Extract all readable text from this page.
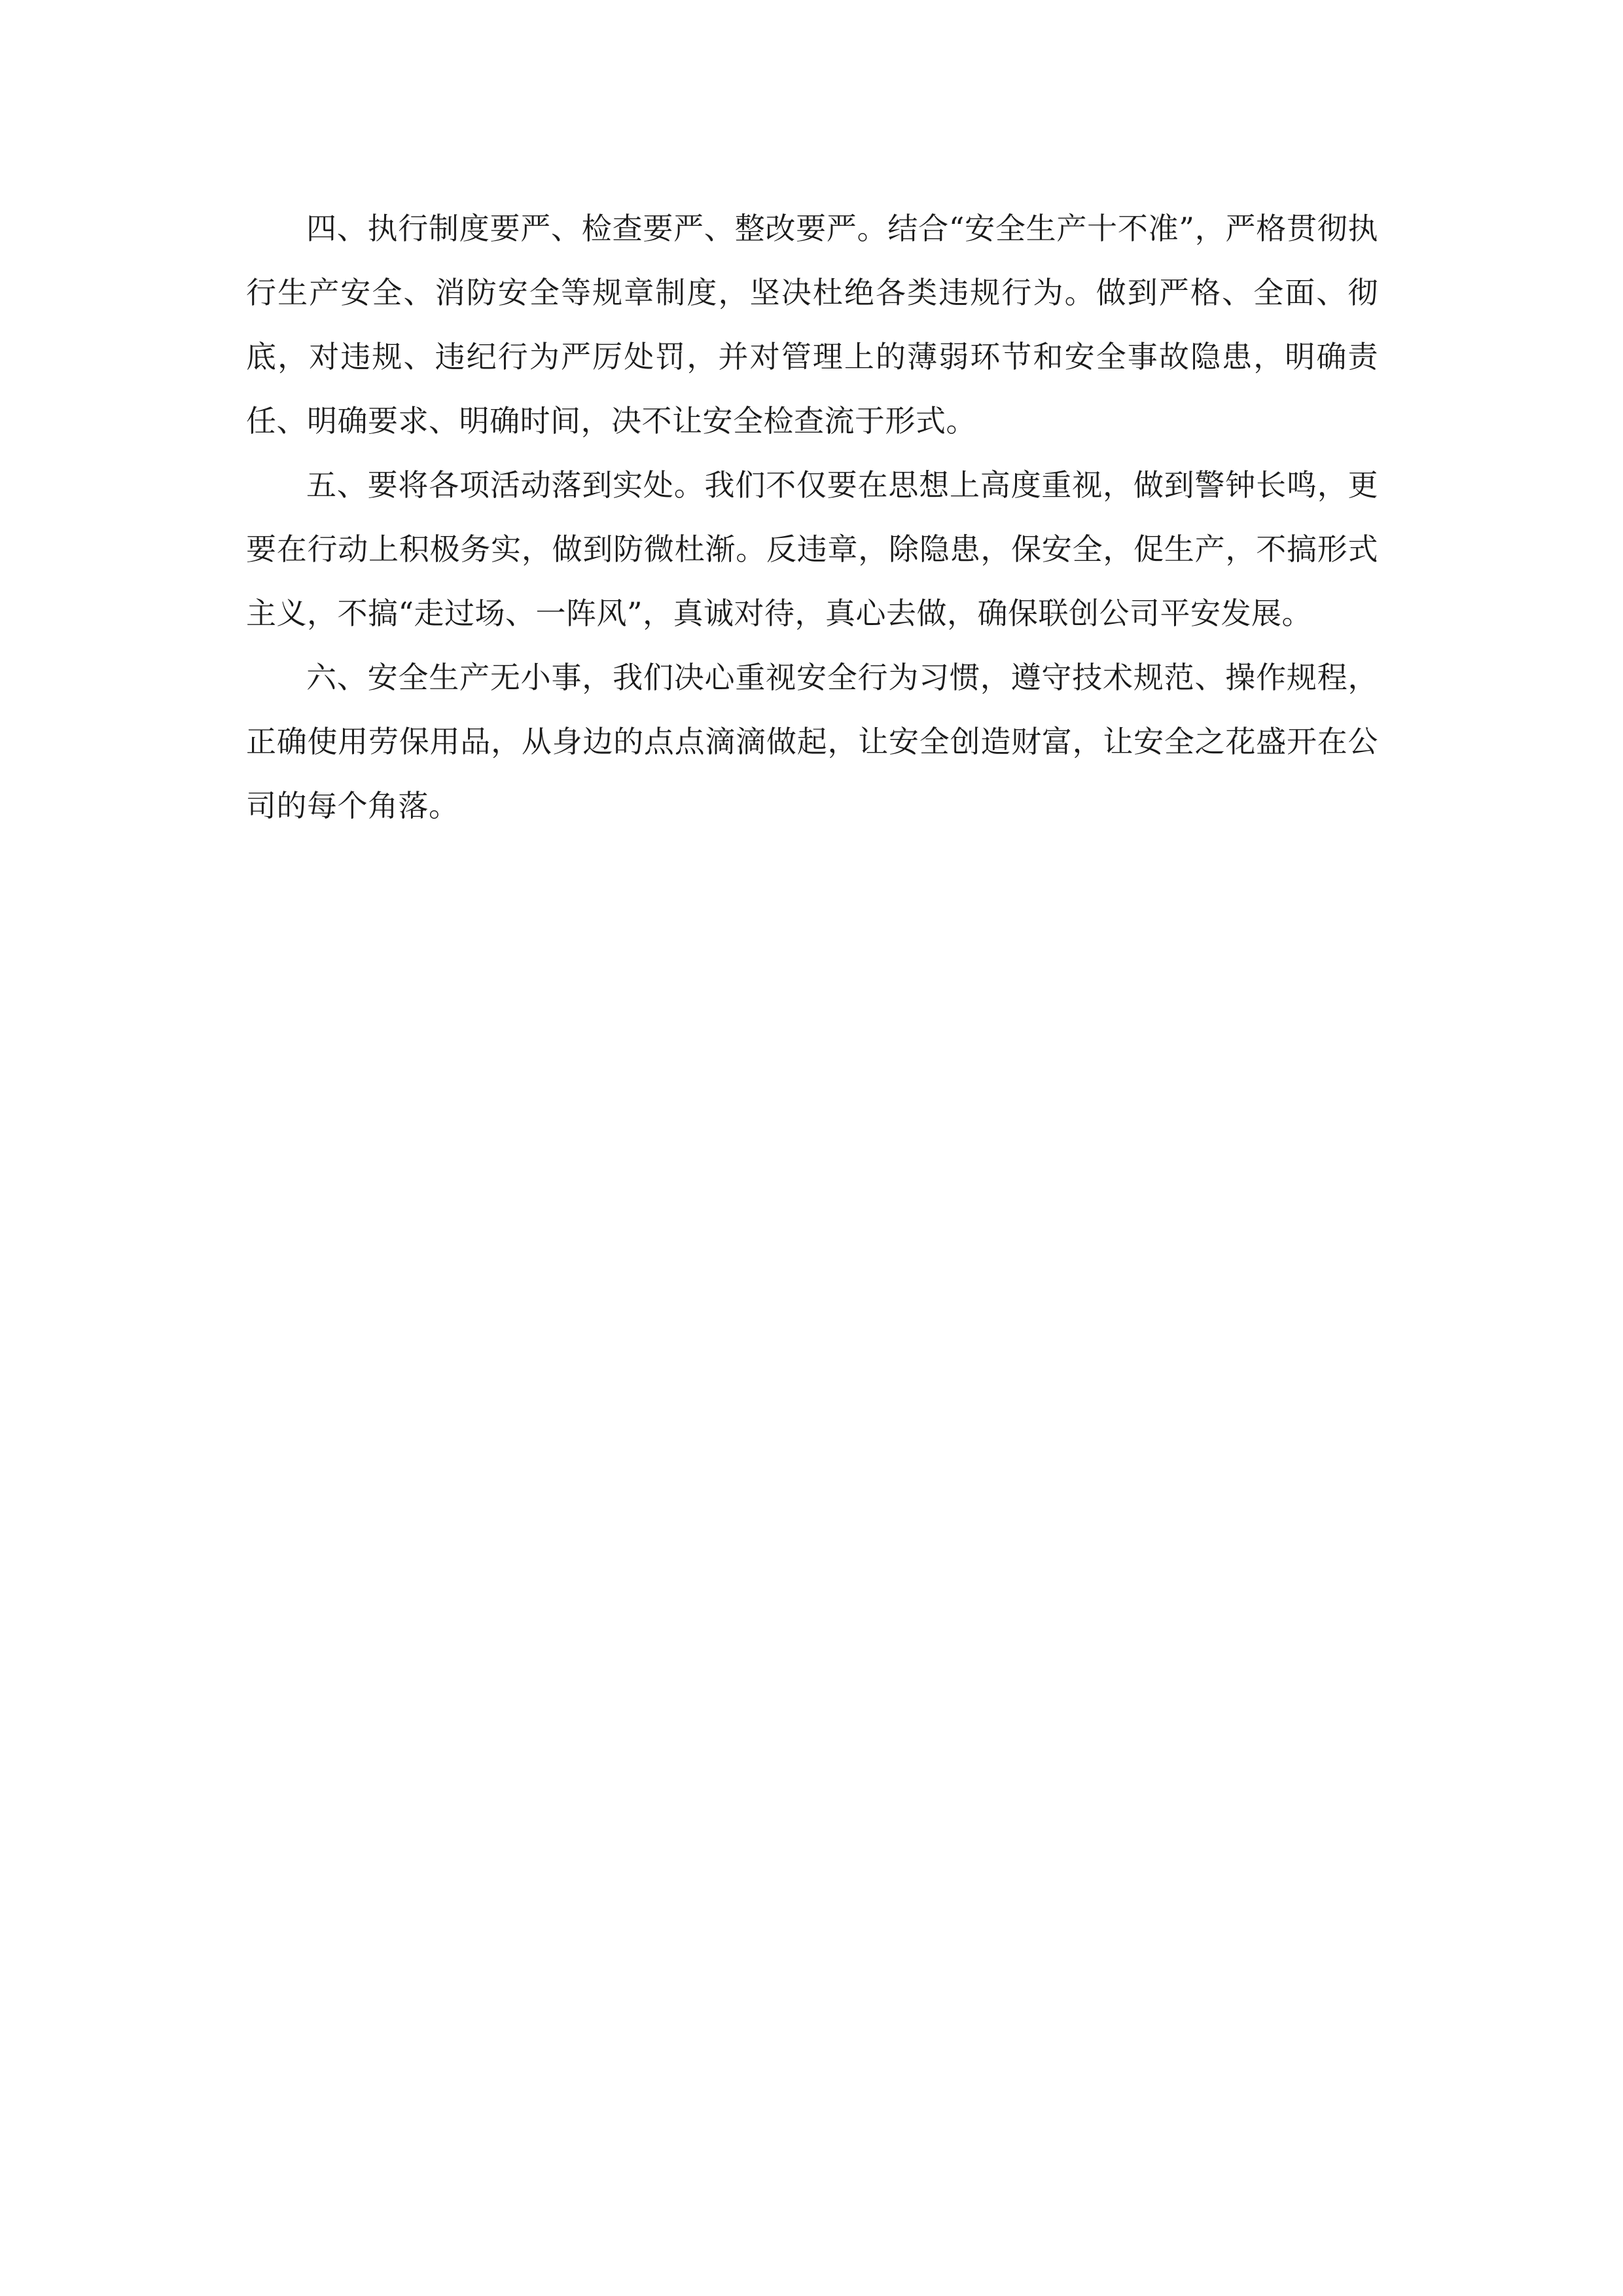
四、执行制度要严、检查要严、整改要严。结合“安全生产十不准”，严格贯彻执行生产安全、消防安全等规章制度，坚决杜绝各类违规行为。做到严格、全面、彻底，对违规、违纪行为严厉处罚，并对管理上的薄弱环节和安全事故隐患，明确责任、明确要求、明确时间，决不让安全检查流于形式。

五、要将各项活动落到实处。我们不仅要在思想上高度重视，做到警钟长鸣，更要在行动上积极务实，做到防微杜渐。反违章，除隐患，保安全，促生产，不搞形式主义，不搞“走过场、一阵风”，真诚对待，真心去做，确保联创公司平安发展。

六、安全生产无小事，我们决心重视安全行为习惯，遵守技术规范、操作规程，正确使用劳保用品，从身边的点点滴滴做起，让安全创造财富，让安全之花盛开在公司的每个角落。
